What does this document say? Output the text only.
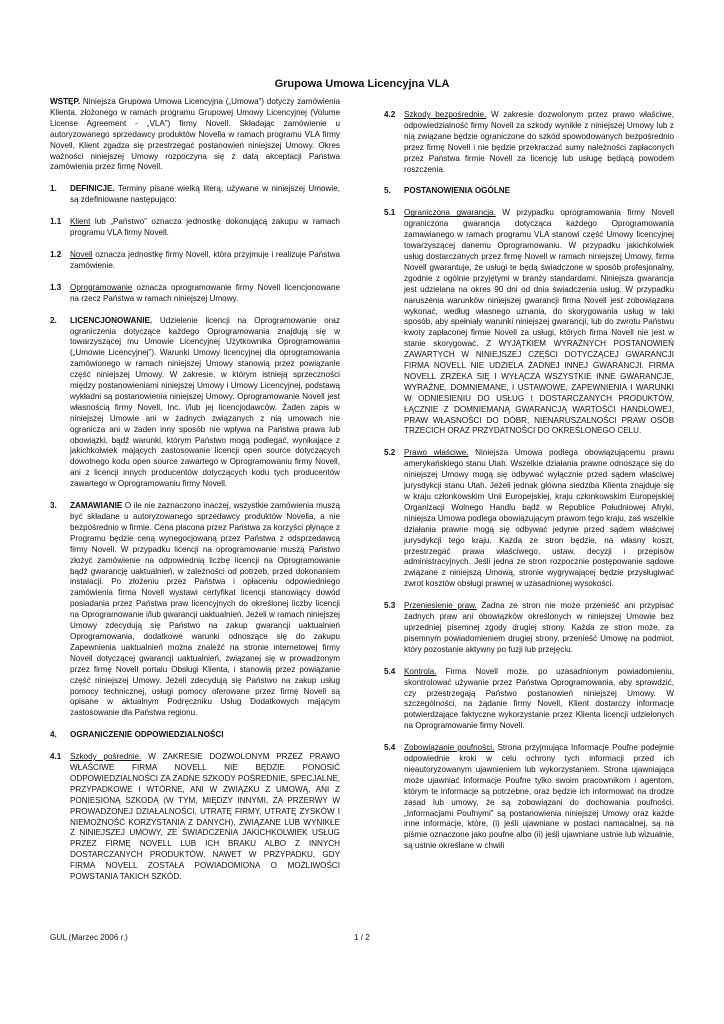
Grupowa Umowa Licencyjna VLA
WSTĘP. Niniejsza Grupowa Umowa Licencyjna („Umowa”) dotyczy zamówienia Klienta, złożonego w ramach programu Grupowej Umowy Licencyjnej (Volume License Agreement - „VLA”) firmy Novell. Składając zamówienie u autoryzowanego sprzedawcy produktów Novella w ramach programu VLA firmy Novell, Klient zgadza się przestrzegać postanowień niniejszej Umowy. Okres ważności niniejszej Umowy rozpoczyna się z datą akceptacji Państwa zamówienia przez firmę Novell.
1.	DEFINICJE. Terminy pisane wielką literą, używane w niniejszej Umowie, są zdefiniowane następująco:
1.1	Klient lub „Państwo” oznacza jednostkę dokonującą zakupu w ramach programu VLA firmy Novell.
1.2	Novell oznacza jednostkę firmy Novell, która przyjmuje i realizuje Państwa zamówienie.
1.3	Oprogramowanie oznacza oprogramowanie firmy Novell licencjonowane na rzecz Państwa w ramach niniejszej Umowy.
2.	LICENCJONOWANIE. Udzielenie licencji na Oprogramowanie oraz ograniczenia dotyczące każdego Oprogramowania znajdują się w towarzyszącej mu Umowie Licencyjnej Użytkownika Oprogramowania („Umowie Licencyjnej”). Warunki Umowy licencyjnej dla oprogramowania zamówionego w ramach niniejszej Umowy stanowią przez powiązanie część niniejszej Umowy. W zakresie, w którym istnieją sprzeczności między postanowieniami niniejszej Umowy i Umowy Licencyjnej, podstawą wykładni są postanowienia niniejszej Umowy. Oprogramowanie Novell jest własnością firmy Novell, Inc. i/lub jej licencjodawców. Żaden zapis w niniejszej Umowie ani w żadnych związanych z nią umowach nie ogranicza ani w żaden inny sposób nie wpływa na Państwa prawa lub obowiązki, bądź warunki, którym Państwo mogą podlegać, wynikające z jakichkolwiek mających zastosowanie licencji open source dotyczących dowolnego kodu open source zawartego w Oprogramowaniu firmy Novell, ani z licencji innych producentów dotyczących kodu tych producentów zawartego w Oprogramowaniu firmy Novell.
3.	ZAMAWIANIE O ile nie zaznaczono inaczej, wszystkie zamówienia muszą być składane u autoryzowanego sprzedawcy produktów Novella, a nie bezpośrednio w firmie. Cena płacona przez Państwa za korzyści płynące z Programu będzie ceną wynegocjowaną przez Państwa z odsprzedawcą firmy Novell. W przypadku licencji na oprogramowanie muszą Państwo złożyć zamówienie na odpowiednią liczbę licencji na Oprogramowanie bądź gwarancję uaktualnień, w zależności od potrzeb, przed dokonaniem instalacji. Po złożeniu przez Państwa i opłaceniu odpowiedniego zamówienia firma Novell wystawi certyfikat licencji stanowiący dowód posiadania przez Państwa praw licencyjnych do określonej liczby licencji na Oprogramowanie i/lub gwarancji uaktualnień. Jeżeli w ramach niniejszej Umowy zdecydują się Państwo na zakup gwarancji uaktualnień Oprogramowania, dodatkowe warunki odnoszące się do zakupu Zapewnienia uaktualnień można znaleźć na stronie internetowej firmy Novell dotyczącej gwarancji uaktualnień, związanej się w prowadzonym przez firmę Novell portalu Obsługi Klienta, i stanowią przez powiązanie część niniejszej Umowy. Jeżeli zdecydują się Państwo na zakup usług pomocy technicznej, usługi pomocy oferowane przez firmę Novell są opisane w aktualnym Podręczniku Usług Dodatkowych mającym zastosowanie dla Państwa regionu.
4.	OGRANICZENIE ODPOWIEDZIALNOŚCI
4.1	Szkody pośrednie. W ZAKRESIE DOZWOLONYM PRZEZ PRAWO WŁAŚCIWE FIRMA NOVELL NIE BĘDZIE PONOSIĆ ODPOWIEDZIALNOŚCI ZA ŻADNE SZKODY POŚREDNIE, SPECJALNE, PRZYPADKOWE I WTÓRNE, ANI W ZWIĄZKU Z UMOWĄ, ANI Z PONIESIONĄ SZKODĄ (W TYM, MIĘDZY INNYMI, ZA PRZERWY W PROWADZONEJ DZIAŁALNOŚCI, UTRATĘ FIRMY, UTRATĘ ZYSKÓW I NIEMOŻNOŚĆ KORZYSTANIA Z DANYCH), ZWIĄZANE LUB WYNIKŁE Z NINIEJSZEJ UMOWY, ZE ŚWIADCZENIA JAKICHKOLWIEK USŁUG PRZEZ FIRMĘ NOVELL LUB ICH BRAKU ALBO Z INNYCH DOSTARCZANYCH PRODUKTÓW, NAWET W PRZYPADKU, GDY FIRMA NOVELL ZOSTAŁA POWIADOMIONA O MOŻLIWOŚCI POWSTANIA TAKICH SZKÓD.
4.2	Szkody bezpośrednie. W zakresie dozwolonym przez prawo właściwe, odpowiedzialność firmy Novell za szkody wynikłe z niniejszej Umowy lub z nią związane będzie ograniczone do szkód spowodowanych bezpośrednio przez firmę Novell i nie będzie przekraczać sumy należności zapłaconych przez Państwa firmie Novell za licencję lub usługę będącą powodem roszczenia.
5.	POSTANOWIENIA OGÓLNE
5.1	Ograniczona gwarancja. W przypadku oprogramowania firmy Novell ograniczona gwarancja dotycząca każdego Oprogramowania zamawianego w ramach programu VLA stanowi część Umowy licencyjnej towarzyszącej danemu Oprogramowaniu. W przypadku jakichkolwiek usług dostarczanych przez firmę Novell w ramach niniejszej Umowy, firma Novell gwarantuje, że usługi te będą świadczone w sposób profesjonalny, zgodnie z ogólnie przyjętymi w branży standardami. Niniejsza gwarancja jest udzielana na okres 90 dni od dnia świadczenia usług. W przypadku naruszenia warunków niniejszej gwarancji firma Novell jest zobowiązana wykonać, według własnego uznania, do skorygowania usług w taki sposób, aby spełniały warunki niniejszej gwarancji, lub do zwrotu Państwu kwoty zapłaconej firmie Novell za usługi, których firma Novell nie jest w stanie skorygować. Z WYJĄTKIEM WYRAŹNYCH POSTANOWIEŃ ZAWARTYCH W NINIEJSZEJ CZĘŚCI DOTYCZĄCEJ GWARANCJI FIRMA NOVELL NIE UDZIELA ŻADNEJ INNEJ GWARANCJI. FIRMA NOVELL ZRZEKA SIĘ I WYŁĄCZA WSZYSTKIE INNE GWARANCJE, WYRAŹNE, DOMNIEMANE, I USTAWOWE, ZAPEWNIENIA I WARUNKI W ODNIESIENIU DO USŁUG I DOSTARCZANYCH PRODUKTÓW, ŁĄCZNIE Z DOMNIEMANĄ GWARANCJĄ WARTOŚCI HANDLOWEJ, PRAW WŁASNOŚCI DO DÓBR, NIENARUSZALNOŚCI PRAW OSÓB TRZECICH ORAZ PRZYDATNOŚCI DO OKREŚLONEGO CELU.
5.2	Prawo właściwe. Niniejsza Umowa podlega obowiązującemu prawu amerykańskiego stanu Utah. Wszelkie działania prawne odnoszące się do niniejszej Umowy mogą się odbywać wyłącznie przed sądem właściwej jurysdykcji stanu Utah. Jeżeli jednak główna siedziba Klienta znajduje się w kraju członkowskim Unii Europejskiej, kraju członkowskim Europejskiej Organizacji Wolnego Handlu bądź w Republice Południowej Afryki, niniejsza Umowa podlega obowiązującym prawom tego kraju, zaś wszelkie działania prawne mogą się odbywać jedynie przed sądem właściwej jurysdykcji tego kraju. Każda ze stron będzie, na własny koszt, przestrzegać prawa właściwego, ustaw, decyzji i przepisów administracyjnych. Jeśli jedna ze stron rozpocznie postępowanie sądowe związane z niniejszą Umową, stronie wygrywającej będzie przysługiwać zwrot kosztów obsługi prawnej w uzasadnionej wysokości.
5.3	Przeniesienie praw. Żadna ze stron nie może przenieść ani przypisać żadnych praw ani obowiązków określonych w niniejszej Umowie bez uprzedniej pisemnej zgody drugiej strony. Każda ze stron może, za pisemnym powiadomieniem drugiej strony, przenieść Umowę na podmiot, który pozostanie aktywny po fuzji lub przejęciu.
5.4	Kontrola. Firma Novell może, po uzasadnionym powiadomieniu, skontrolować używanie przez Państwa Oprogramowania, aby sprawdzić, czy przestrzegają Państwo postanowień niniejszej Umowy. W szczególności, na żądanie firmy Novell, Klient dostarczy informacje potwierdzające faktyczne wykorzystanie przez Klienta licencji udzielonych na Oprogramowanie firmy Novell.
5.4	Zobowiązanie poufności. Strona przyjmująca Informacje Poufne podejmie odpowiednie kroki w celu ochrony tych informacji przed ich nieautoryzowanym ujawnieniem lub wykorzystaniem. Strona ujawniająca może ujawniać Informacje Poufne tylko swoim pracownikom i agentom, którym te informacje są potrzebne, oraz będzie ich informować na drodze zasad lub umowy, że są zobowiązani do dochowania poufności. „Informacjami Poufnymi” są postanowienia niniejszej Umowy oraz każde inne informacje, które, (i) jeśli ujawniane w postaci namacalnej, są na piśmie oznaczone jako poufne albo (ii) jeśli ujawniane ustnie lub wizualnie, są ustnie określane w chwili
GUL (Marzec 2006 r.)	1 / 2
